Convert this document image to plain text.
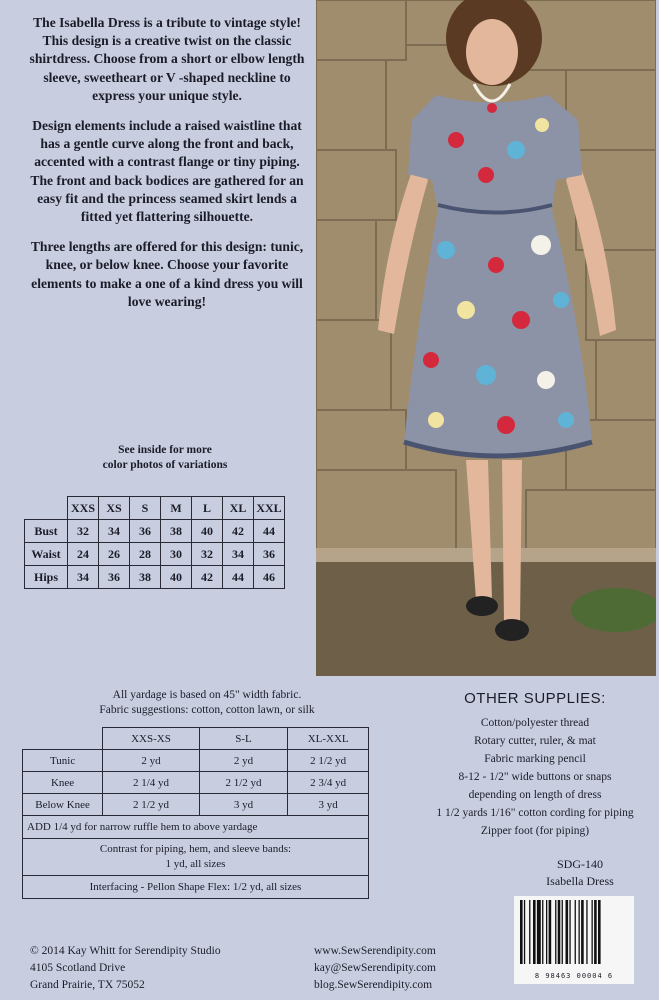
The Isabella Dress is a tribute to vintage style! This design is a creative twist on the classic shirtdress. Choose from a short or elbow length sleeve, sweetheart or V -shaped neckline to express your unique style.

Design elements include a raised waistline that has a gentle curve along the front and back, accented with a contrast flange or tiny piping. The front and back bodices are gathered for an easy fit and the princess seamed skirt lends a fitted yet flattering silhouette.

Three lengths are offered for this design: tunic, knee, or below knee. Choose your favorite elements to make a one of a kind dress you will love wearing!

See inside for more
color photos of variations
	XXS	XS	S	M	L	XL	XXL
Bust	32	34	36	38	40	42	44
Waist	24	26	28	30	32	34	36
Hips	34	36	38	40	42	44	46
All yardage is based on 45" width fabric.
Fabric suggestions: cotton, cotton lawn, or silk
	XXS-XS	S-L	XL-XXL
Tunic	2 yd	2 yd	2 1/2 yd
Knee	2 1/4 yd	2 1/2 yd	2 3/4 yd
Below Knee	2 1/2 yd	3 yd	3 yd
ADD 1/4 yd for narrow ruffle hem to above yardage			

Contrast for piping, hem, and sleeve bands:
1 yd, all sizes			

Interfacing - Pellon Shape Flex: 1/2 yd, all sizes			
OTHER SUPPLIES:
Cotton/polyester thread
Rotary cutter, ruler, & mat
Fabric marking pencil
8-12 - 1/2" wide buttons or snaps
depending on length of dress
1 1/2 yards 1/16" cotton cording for piping
Zipper foot (for piping)
SDG-140
Isabella Dress
8 98463 00004 6
© 2014 Kay Whitt for Serendipity Studio
4105 Scotland Drive
Grand Prairie, TX 75052
www.SewSerendipity.com
kay@SewSerendipity.com
blog.SewSerendipity.com
